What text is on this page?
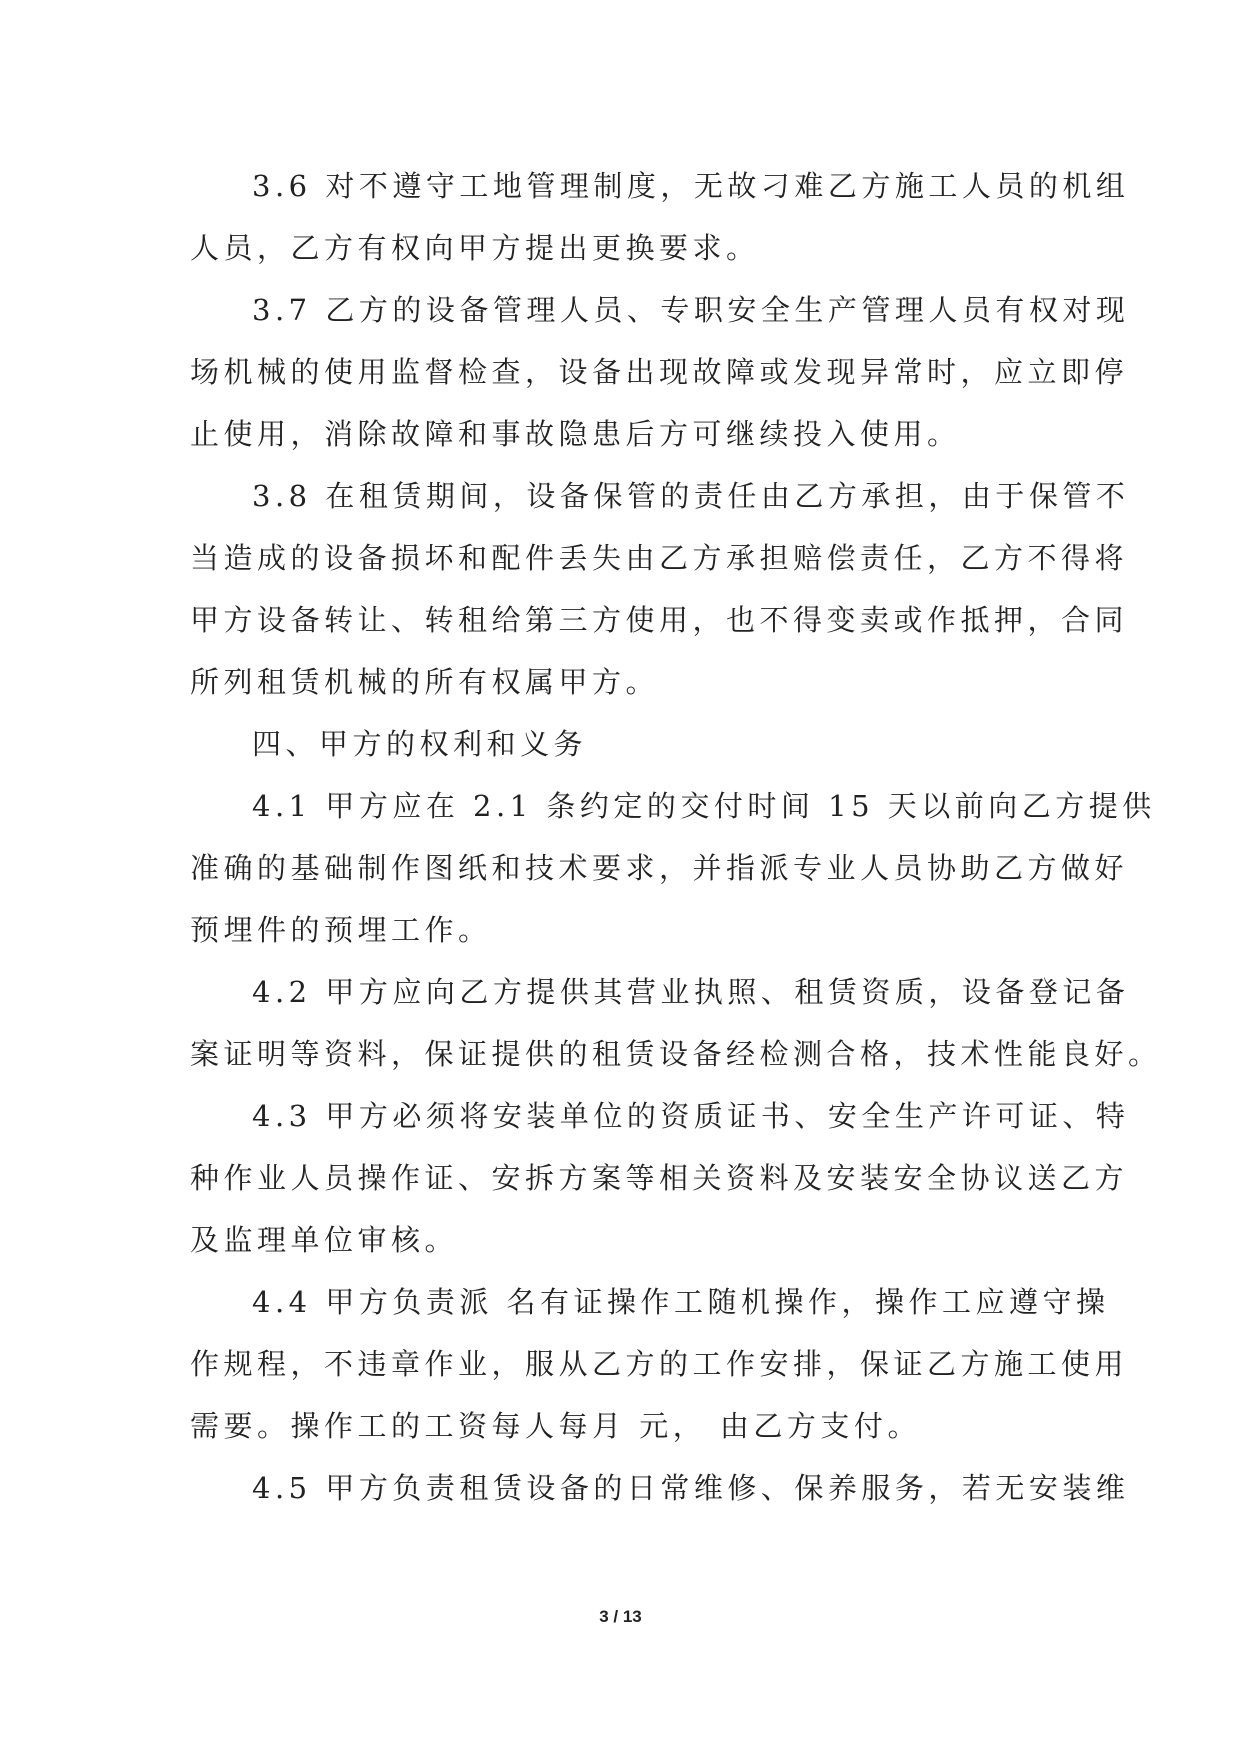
3.6 对不遵守工地管理制度，无故刁难乙方施工人员的机组
人员，乙方有权向甲方提出更换要求。
3.7 乙方的设备管理人员、专职安全生产管理人员有权对现
场机械的使用监督检查，设备出现故障或发现异常时，应立即停
止使用，消除故障和事故隐患后方可继续投入使用。
3.8 在租赁期间，设备保管的责任由乙方承担，由于保管不
当造成的设备损坏和配件丢失由乙方承担赔偿责任，乙方不得将
甲方设备转让、转租给第三方使用，也不得变卖或作抵押，合同
所列租赁机械的所有权属甲方。
四、甲方的权利和义务
4.1 甲方应在 2.1 条约定的交付时间 15 天以前向乙方提供
准确的基础制作图纸和技术要求，并指派专业人员协助乙方做好
预埋件的预埋工作。
4.2 甲方应向乙方提供其营业执照、租赁资质，设备登记备
案证明等资料，保证提供的租赁设备经检测合格，技术性能良好。
4.3 甲方必须将安装单位的资质证书、安全生产许可证、特
种作业人员操作证、安拆方案等相关资料及安装安全协议送乙方
及监理单位审核。
4.4 甲方负责派 名有证操作工随机操作，操作工应遵守操
作规程，不违章作业，服从乙方的工作安排，保证乙方施工使用
需要。操作工的工资每人每月 元， 由乙方支付。
4.5 甲方负责租赁设备的日常维修、保养服务，若无安装维
3 / 13
